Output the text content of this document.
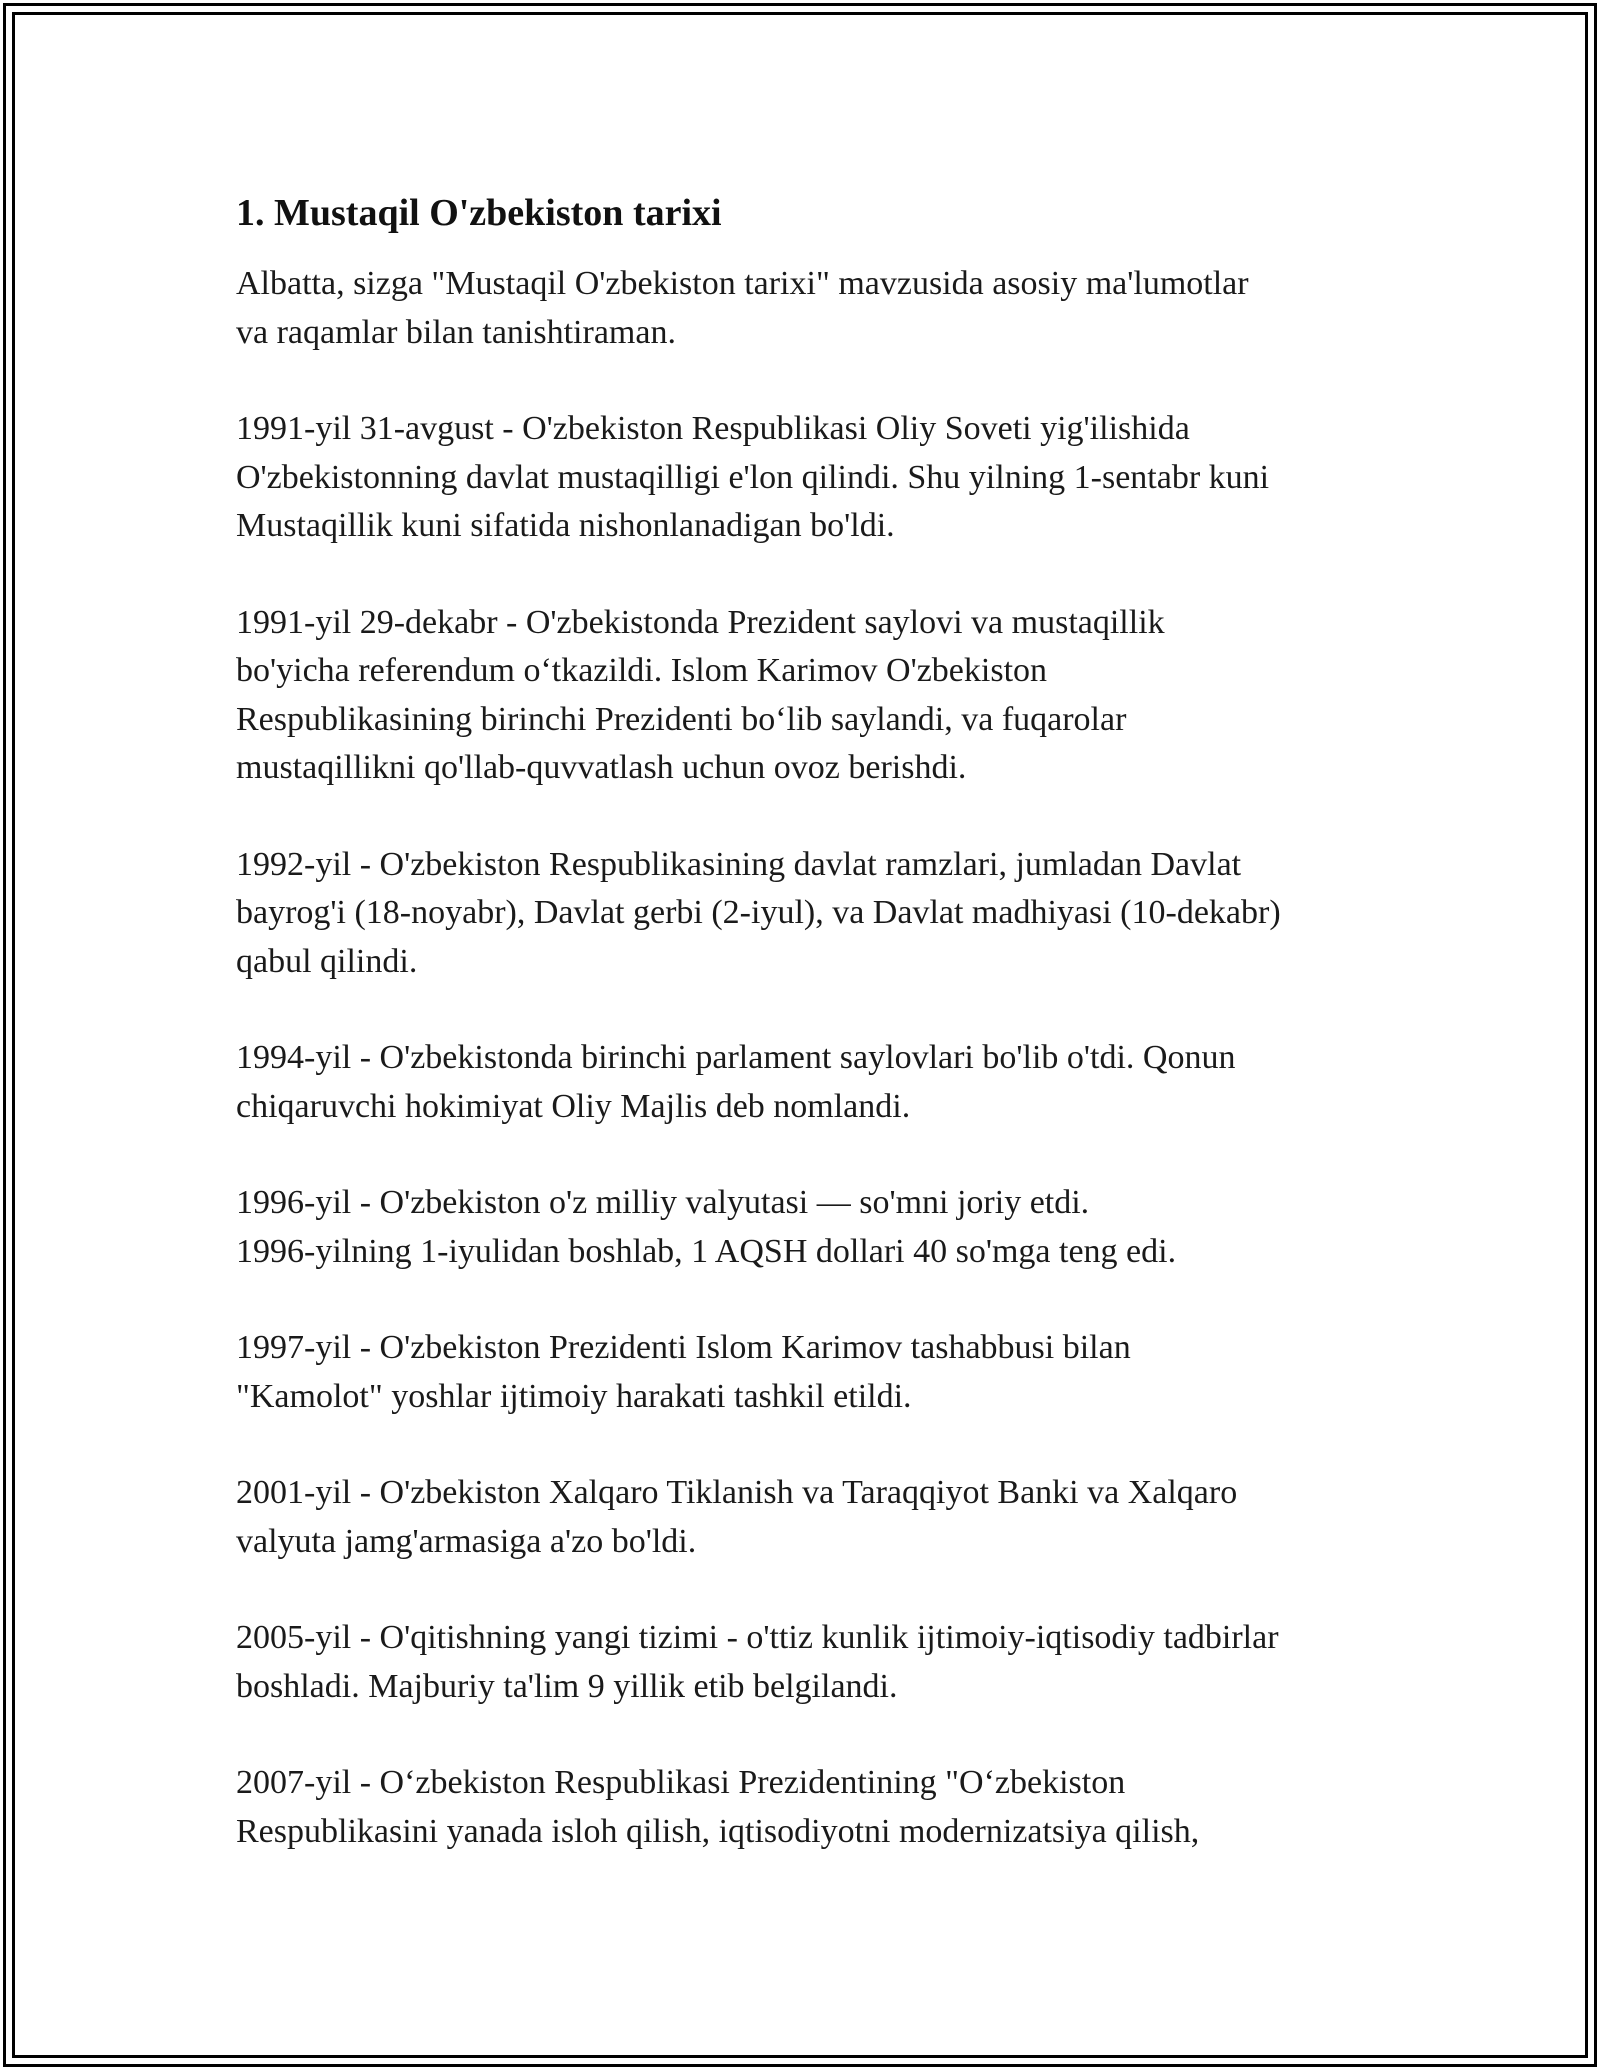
1. Mustaqil O'zbekiston tarixi

Albatta, sizga "Mustaqil O'zbekiston tarixi" mavzusida asosiy ma'lumotlar
va raqamlar bilan tanishtiraman.

1991-yil 31-avgust - O'zbekiston Respublikasi Oliy Soveti yig'ilishida
O'zbekistonning davlat mustaqilligi e'lon qilindi. Shu yilning 1-sentabr kuni
Mustaqillik kuni sifatida nishonlanadigan bo'ldi.

1991-yil 29-dekabr - O'zbekistonda Prezident saylovi va mustaqillik
bo'yicha referendum oʻtkazildi. Islom Karimov O'zbekiston
Respublikasining birinchi Prezidenti boʻlib saylandi, va fuqarolar
mustaqillikni qo'llab-quvvatlash uchun ovoz berishdi.

1992-yil - O'zbekiston Respublikasining davlat ramzlari, jumladan Davlat
bayrog'i (18-noyabr), Davlat gerbi (2-iyul), va Davlat madhiyasi (10-dekabr)
qabul qilindi.

1994-yil - O'zbekistonda birinchi parlament saylovlari bo'lib o'tdi. Qonun
chiqaruvchi hokimiyat Oliy Majlis deb nomlandi.

1996-yil - O'zbekiston o'z milliy valyutasi — so'mni joriy etdi.
1996-yilning 1-iyulidan boshlab, 1 AQSH dollari 40 so'mga teng edi.

1997-yil - O'zbekiston Prezidenti Islom Karimov tashabbusi bilan
"Kamolot" yoshlar ijtimoiy harakati tashkil etildi.

2001-yil - O'zbekiston Xalqaro Tiklanish va Taraqqiyot Banki va Xalqaro
valyuta jamg'armasiga a'zo bo'ldi.

2005-yil - O'qitishning yangi tizimi - o'ttiz kunlik ijtimoiy-iqtisodiy tadbirlar
boshladi. Majburiy ta'lim 9 yillik etib belgilandi.

2007-yil - Oʻzbekiston Respublikasi Prezidentining "Oʻzbekiston
Respublikasini yanada isloh qilish, iqtisodiyotni modernizatsiya qilish,
